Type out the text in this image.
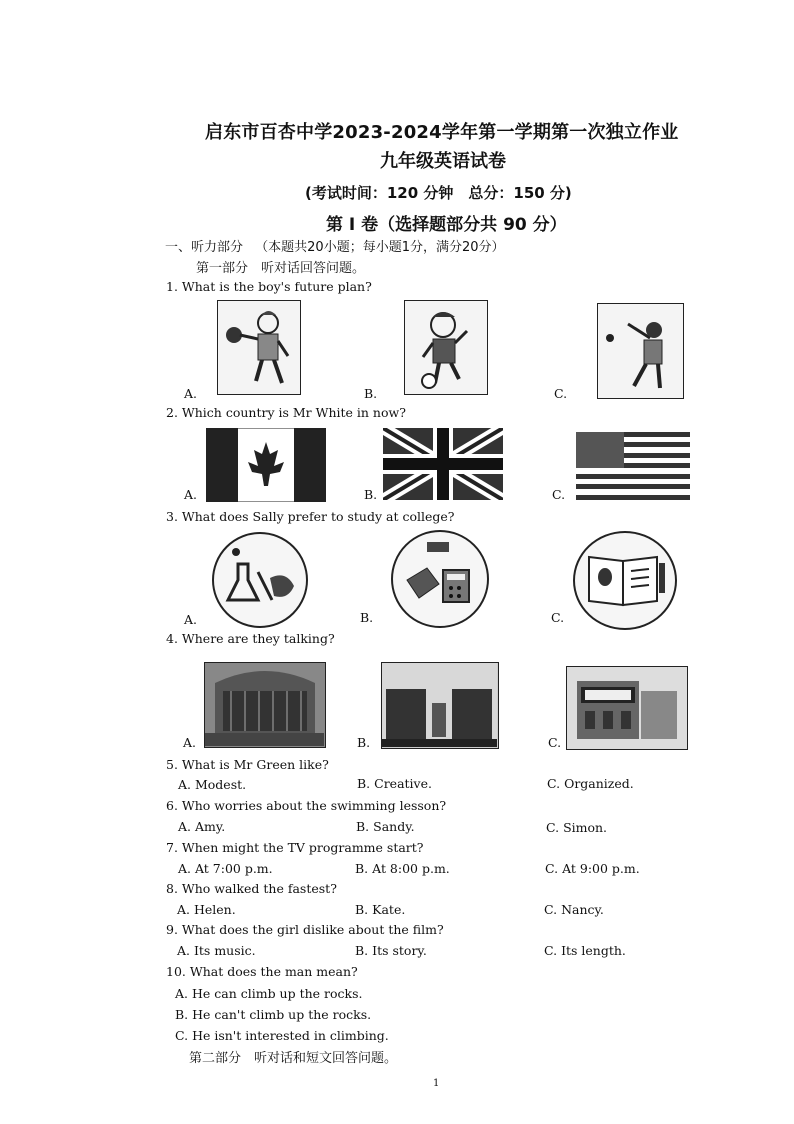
启东市百杏中学2023-2024学年第一学期第一次独立作业
九年级英语试卷
(考试时间：120 分钟　总分：150 分)
第 I 卷（选择题部分共 90 分）
一、听力部分 （本题共20小题；每小题1分，满分20分）
第一部分　听对话回答问题。
1. What is the boy's future plan?
A.	B.	C.
2. Which country is Mr White in now?
A.	B.	C.
3. What does Sally prefer to study at college?
A.	B.	C.
4. Where are they talking?
A.	B.	C.
5. What is Mr Green like?
A. Modest.	B. Creative.	C. Organized.
6. Who worries about the swimming lesson?
A. Amy.	B. Sandy.	C. Simon.
7. When might the TV programme start?
A. At 7:00 p.m.	B. At 8:00 p.m.	C. At 9:00 p.m.
8. Who walked the fastest?
A. Helen.	B. Kate.	C. Nancy.
9. What does the girl dislike about the film?
A. Its music.	B. Its story.	C. Its length.
10. What does the man mean?
A. He can climb up the rocks.
B. He can't climb up the rocks.
C. He isn't interested in climbing.
第二部分　听对话和短文回答问题。
1
